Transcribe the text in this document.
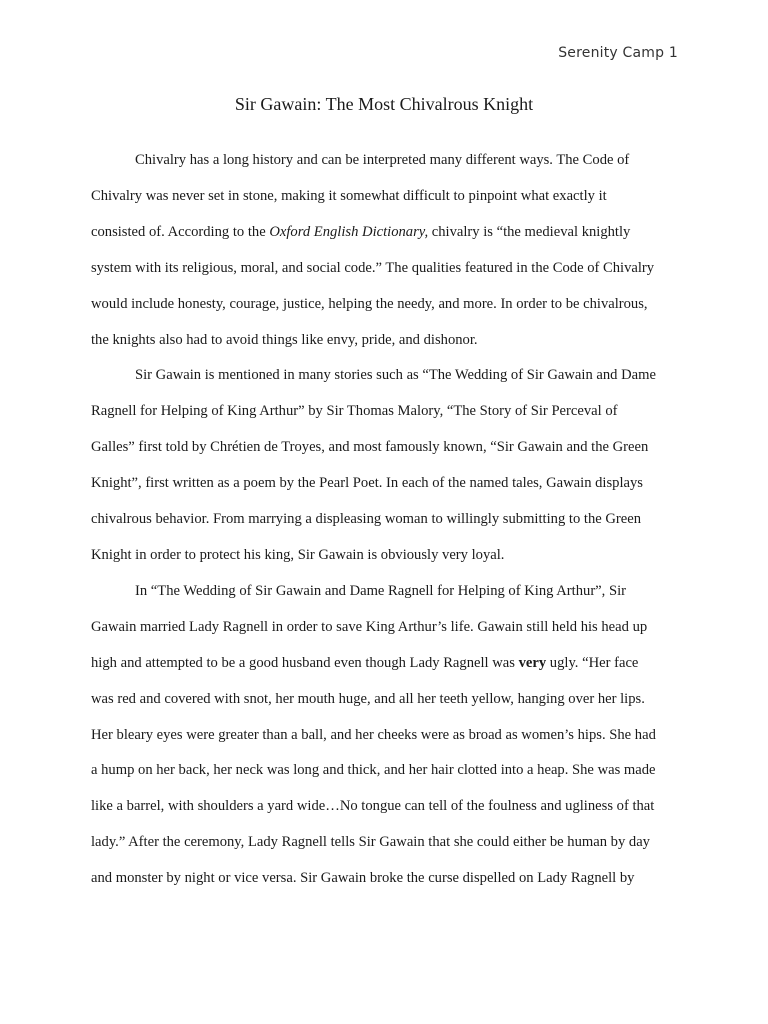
Serenity Camp 1
Sir Gawain: The Most Chivalrous Knight
Chivalry has a long history and can be interpreted many different ways. The Code of
Chivalry was never set in stone, making it somewhat difficult to pinpoint what exactly it
consisted of. According to the Oxford English Dictionary, chivalry is “the medieval knightly
system with its religious, moral, and social code.” The qualities featured in the Code of Chivalry
would include honesty, courage, justice, helping the needy, and more. In order to be chivalrous,
the knights also had to avoid things like envy, pride, and dishonor.
Sir Gawain is mentioned in many stories such as “The Wedding of Sir Gawain and Dame
Ragnell for Helping of King Arthur” by Sir Thomas Malory, “The Story of Sir Perceval of
Galles” first told by Chrétien de Troyes, and most famously known, “Sir Gawain and the Green
Knight”, first written as a poem by the Pearl Poet. In each of the named tales, Gawain displays
chivalrous behavior. From marrying a displeasing woman to willingly submitting to the Green
Knight in order to protect his king, Sir Gawain is obviously very loyal.
In “The Wedding of Sir Gawain and Dame Ragnell for Helping of King Arthur”, Sir
Gawain married Lady Ragnell in order to save King Arthur’s life. Gawain still held his head up
high and attempted to be a good husband even though Lady Ragnell was very ugly. “Her face
was red and covered with snot, her mouth huge, and all her teeth yellow, hanging over her lips.
Her bleary eyes were greater than a ball, and her cheeks were as broad as women’s hips. She had
a hump on her back, her neck was long and thick, and her hair clotted into a heap. She was made
like a barrel, with shoulders a yard wide…No tongue can tell of the foulness and ugliness of that
lady.” After the ceremony, Lady Ragnell tells Sir Gawain that she could either be human by day
and monster by night or vice versa. Sir Gawain broke the curse dispelled on Lady Ragnell by
